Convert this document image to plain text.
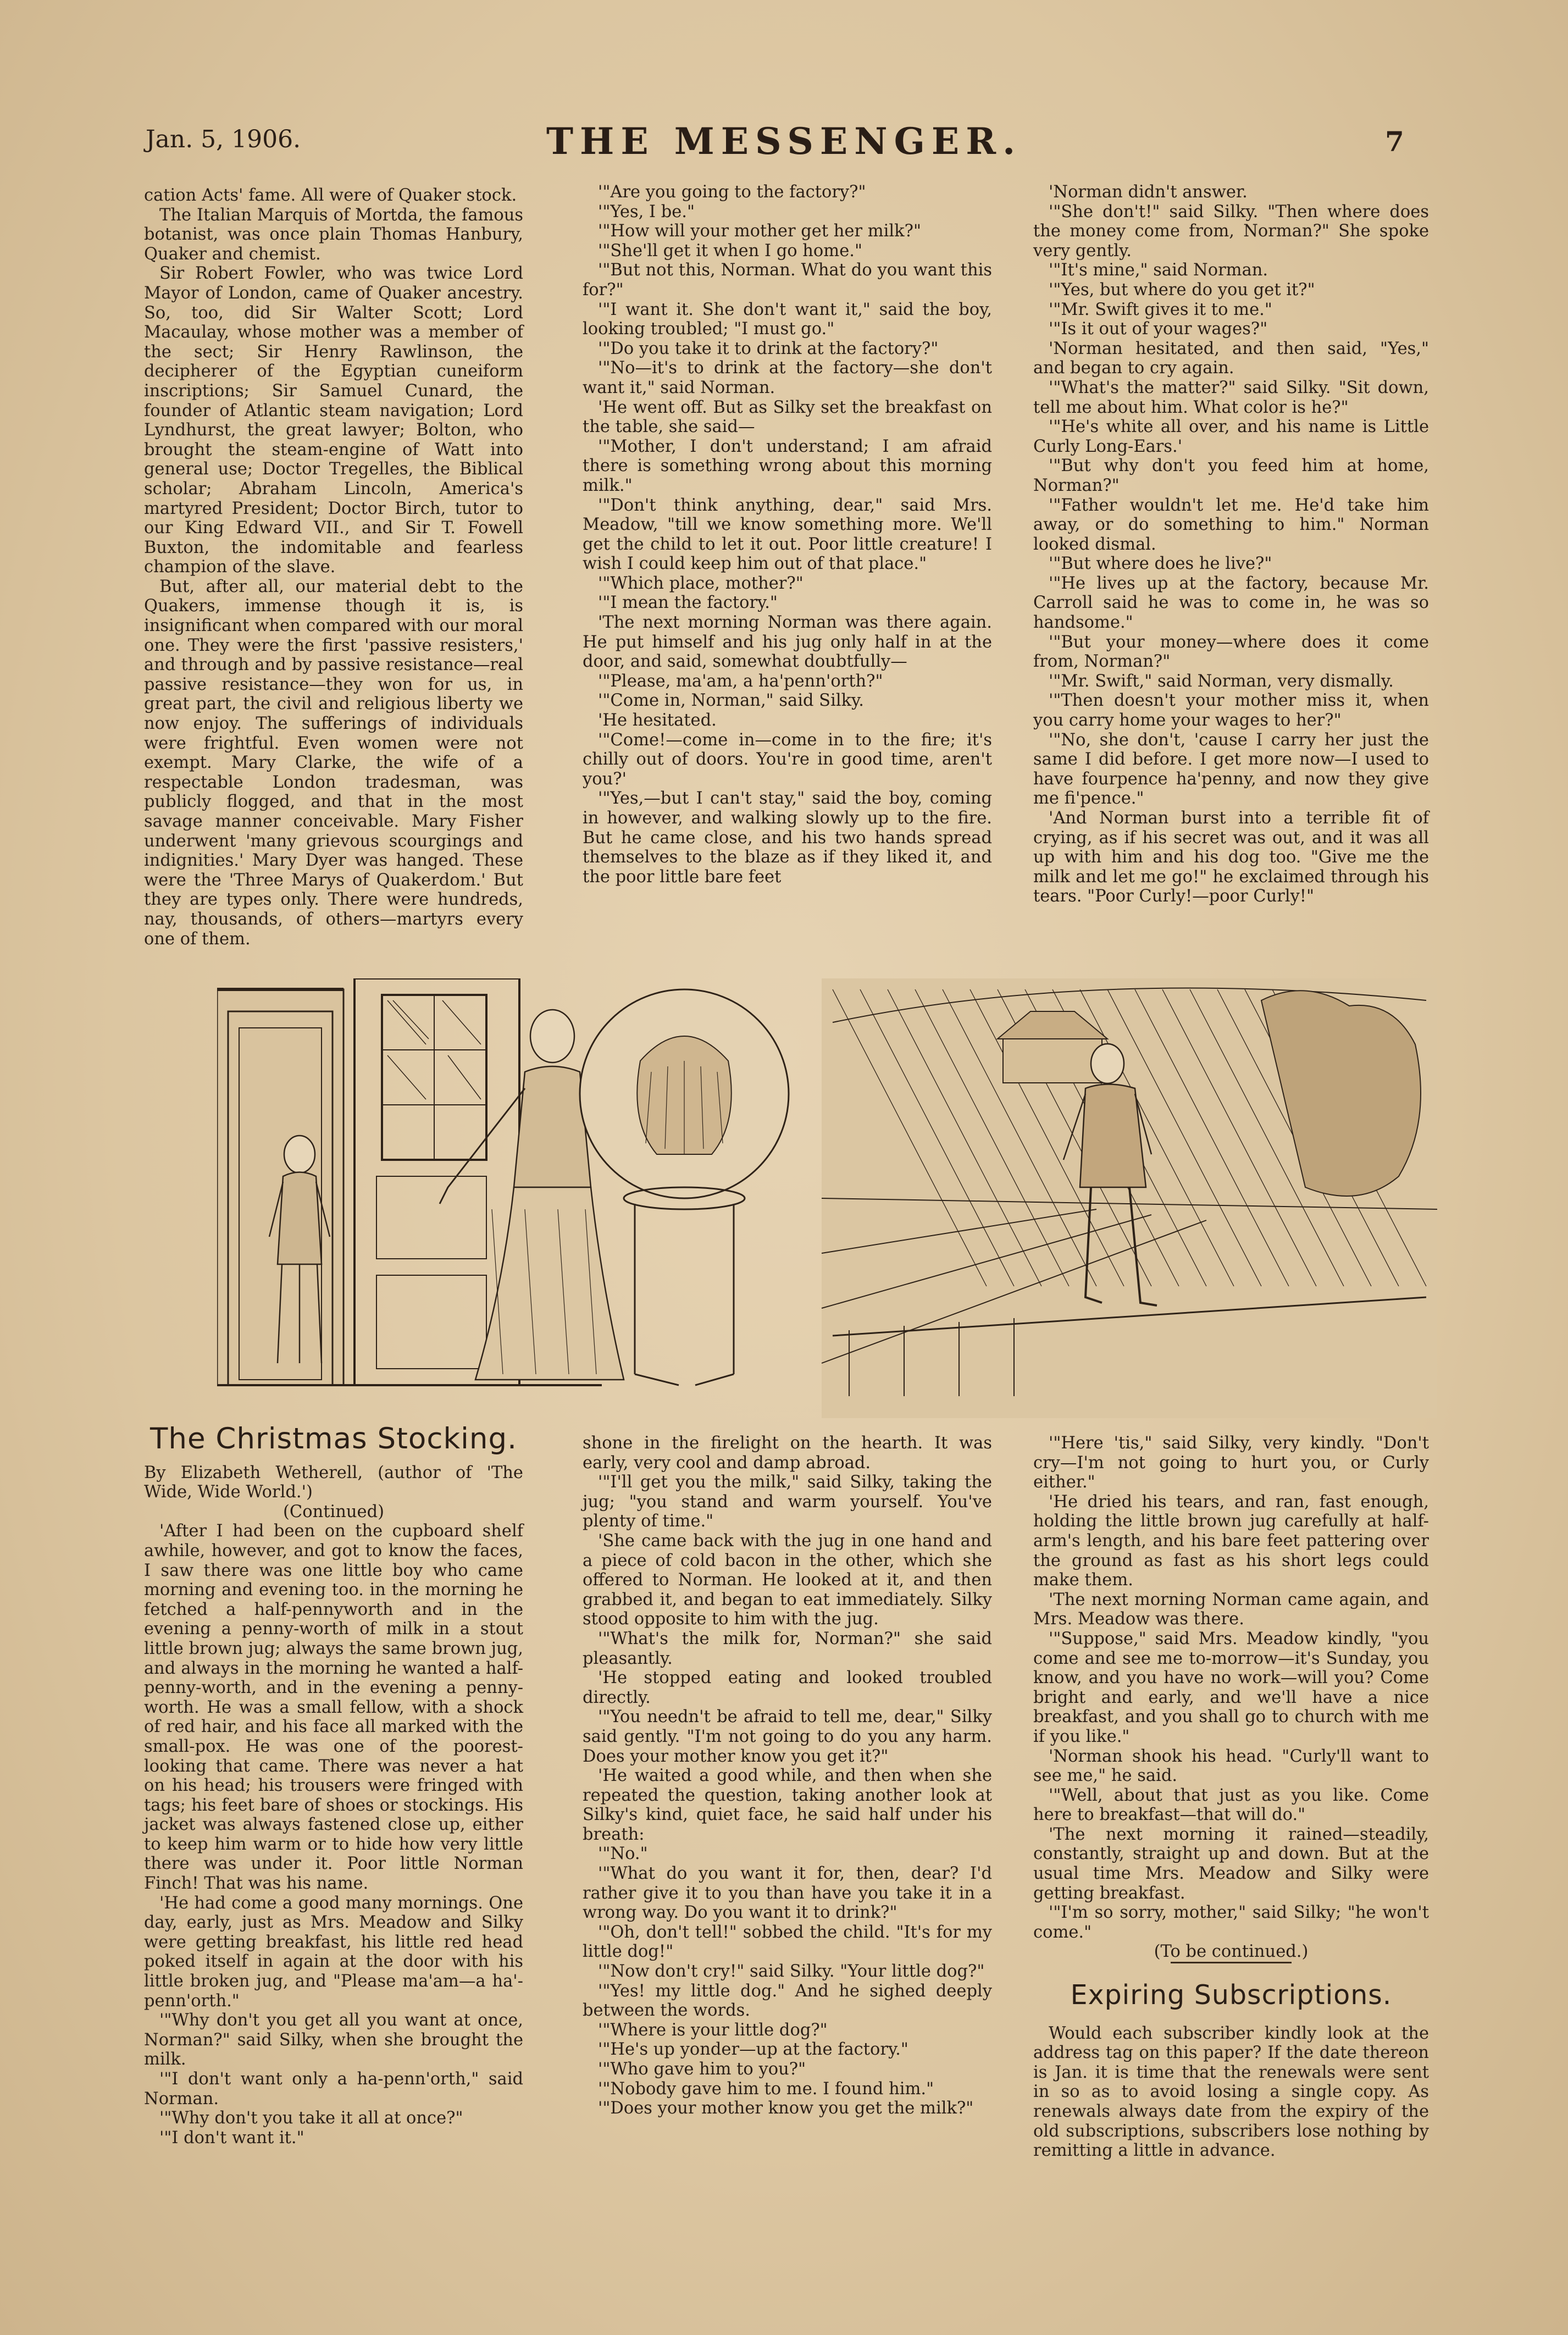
Jan. 5, 1906.	THE MESSENGER.	7

cation Acts' fame. All were of Quaker stock.

The Italian Marquis of Mortda, the famous botanist, was once plain Thomas Hanbury, Quaker and chemist.

Sir Robert Fowler, who was twice Lord Mayor of London, came of Quaker ancestry. So, too, did Sir Walter Scott; Lord Macaulay, whose mother was a member of the sect; Sir Henry Rawlinson, the decipherer of the Egyptian cuneiform inscriptions; Sir Samuel Cunard, the founder of Atlantic steam navigation; Lord Lyndhurst, the great lawyer; Bolton, who brought the steam-engine of Watt into general use; Doctor Tregelles, the Biblical scholar; Abraham Lincoln, America's martyred President; Doctor Birch, tutor to our King Edward VII., and Sir T. Fowell Buxton, the indomitable and fearless champion of the slave.

But, after all, our material debt to the Quakers, immense though it is, is insignificant when compared with our moral one. They were the first 'passive resisters,' and through and by passive resistance—real passive resistance—they won for us, in great part, the civil and religious liberty we now enjoy. The sufferings of individuals were frightful. Even women were not exempt. Mary Clarke, the wife of a respectable London tradesman, was publicly flogged, and that in the most savage manner conceivable. Mary Fisher underwent 'many grievous scourgings and indignities.' Mary Dyer was hanged. These were the 'Three Marys of Quakerdom.' But they are types only. There were hundreds, nay, thousands, of others—martyrs every one of them.

'"Are you going to the factory?"

'"Yes, I be."

'"How will your mother get her milk?"

'"She'll get it when I go home."

'"But not this, Norman. What do you want this for?"

'"I want it. She don't want it," said the boy, looking troubled; "I must go."

'"Do you take it to drink at the factory?"

'"No—it's to drink at the factory—she don't want it," said Norman.

'He went off. But as Silky set the breakfast on the table, she said—

'"Mother, I don't understand; I am afraid there is something wrong about this morning milk."

'"Don't think anything, dear," said Mrs. Meadow, "till we know something more. We'll get the child to let it out. Poor little creature! I wish I could keep him out of that place."

'"Which place, mother?"

'"I mean the factory."

'The next morning Norman was there again. He put himself and his jug only half in at the door, and said, somewhat doubtfully—

'"Please, ma'am, a ha'penn'orth?"

'"Come in, Norman," said Silky.

'He hesitated.

'"Come!—come in—come in to the fire; it's chilly out of doors. You're in good time, aren't you?'

'"Yes,—but I can't stay," said the boy, coming in however, and walking slowly up to the fire. But he came close, and his two hands spread themselves to the blaze as if they liked it, and the poor little bare feet

'Norman didn't answer.

'"She don't!" said Silky. "Then where does the money come from, Norman?" She spoke very gently.

'"It's mine," said Norman.

'"Yes, but where do you get it?"

'"Mr. Swift gives it to me."

'"Is it out of your wages?"

'Norman hesitated, and then said, "Yes," and began to cry again.

'"What's the matter?" said Silky. "Sit down, tell me about him. What color is he?"

'"He's white all over, and his name is Little Curly Long-Ears.'

'"But why don't you feed him at home, Norman?"

'"Father wouldn't let me. He'd take him away, or do something to him." Norman looked dismal.

'"But where does he live?"

'"He lives up at the factory, because Mr. Carroll said he was to come in, he was so handsome."

'"But your money—where does it come from, Norman?"

'"Mr. Swift," said Norman, very dismally.

'"Then doesn't your mother miss it, when you carry home your wages to her?"

'"No, she don't, 'cause I carry her just the same I did before. I get more now—I used to have fourpence ha'penny, and now they give me fi'pence."

'And Norman burst into a terrible fit of crying, as if his secret was out, and it was all up with him and his dog too. "Give me the milk and let me go!" he exclaimed through his tears. "Poor Curly!—poor Curly!"

The Christmas Stocking.

By Elizabeth Wetherell, (author of 'The Wide, Wide World.')

(Continued)

'After I had been on the cupboard shelf awhile, however, and got to know the faces, I saw there was one little boy who came morning and evening too. in the morning he fetched a half-pennyworth and in the evening a penny-worth of milk in a stout little brown jug; always the same brown jug, and always in the morning he wanted a half-penny-worth, and in the evening a penny-worth. He was a small fellow, with a shock of red hair, and his face all marked with the small-pox. He was one of the poorest-looking that came. There was never a hat on his head; his trousers were fringed with tags; his feet bare of shoes or stockings. His jacket was always fastened close up, either to keep him warm or to hide how very little there was under it. Poor little Norman Finch! That was his name.

'He had come a good many mornings. One day, early, just as Mrs. Meadow and Silky were getting breakfast, his little red head poked itself in again at the door with his little broken jug, and "Please ma'am—a ha'-penn'orth."

'"Why don't you get all you want at once, Norman?" said Silky, when she brought the milk.

'"I don't want only a ha-penn'orth," said Norman.

'"Why don't you take it all at once?"

'"I don't want it."

shone in the firelight on the hearth. It was early, very cool and damp abroad.

'"I'll get you the milk," said Silky, taking the jug; "you stand and warm yourself. You've plenty of time."

'She came back with the jug in one hand and a piece of cold bacon in the other, which she offered to Norman. He looked at it, and then grabbed it, and began to eat immediately. Silky stood opposite to him with the jug.

'"What's the milk for, Norman?" she said pleasantly.

'He stopped eating and looked troubled directly.

'"You needn't be afraid to tell me, dear," Silky said gently. "I'm not going to do you any harm. Does your mother know you get it?"

'He waited a good while, and then when she repeated the question, taking another look at Silky's kind, quiet face, he said half under his breath:

'"No."

'"What do you want it for, then, dear? I'd rather give it to you than have you take it in a wrong way. Do you want it to drink?"

'"Oh, don't tell!" sobbed the child. "It's for my little dog!"

'"Now don't cry!" said Silky. "Your little dog?"

'"Yes! my little dog." And he sighed deeply between the words.

'"Where is your little dog?"

'"He's up yonder—up at the factory."

'"Who gave him to you?"

'"Nobody gave him to me. I found him."

'"Does your mother know you get the milk?"

'"Here 'tis," said Silky, very kindly. "Don't cry—I'm not going to hurt you, or Curly either."

'He dried his tears, and ran, fast enough, holding the little brown jug carefully at half-arm's length, and his bare feet pattering over the ground as fast as his short legs could make them.

'The next morning Norman came again, and Mrs. Meadow was there.

'"Suppose," said Mrs. Meadow kindly, "you come and see me to-morrow—it's Sunday, you know, and you have no work—will you? Come bright and early, and we'll have a nice breakfast, and you shall go to church with me if you like."

'Norman shook his head. "Curly'll want to see me," he said.

'"Well, about that just as you like. Come here to breakfast—that will do."

'The next morning it rained—steadily, constantly, straight up and down. But at the usual time Mrs. Meadow and Silky were getting breakfast.

'"I'm so sorry, mother," said Silky; "he won't come."

(To be continued.)

Expiring Subscriptions.

Would each subscriber kindly look at the address tag on this paper? If the date thereon is Jan. it is time that the renewals were sent in so as to avoid losing a single copy. As renewals always date from the expiry of the old subscriptions, subscribers lose nothing by remitting a little in advance.
